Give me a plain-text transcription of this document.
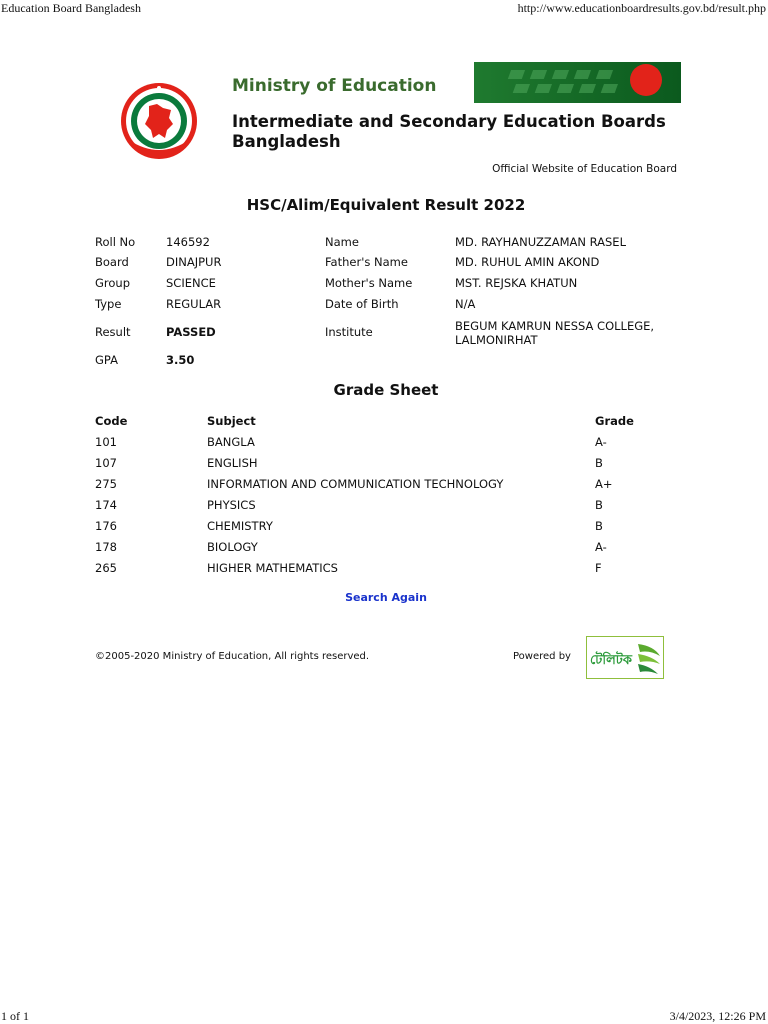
Education Board Bangladesh	http://www.educationboardresults.gov.bd/result.php
Ministry of Education
Intermediate and Secondary Education Boards Bangladesh
Official Website of Education Board
HSC/Alim/Equivalent Result 2022
Roll No	146592	Name	MD. RAYHANUZZAMAN RASEL
Board	DINAJPUR	Father's Name	MD. RUHUL AMIN AKOND
Group	SCIENCE	Mother's Name	MST. REJSKA KHATUN
Type	REGULAR	Date of Birth	N/A
Result	PASSED	Institute	BEGUM KAMRUN NESSA COLLEGE, LALMONIRHAT
GPA	3.50
Grade Sheet
Code	Subject	Grade
101	BANGLA	A-
107	ENGLISH	B
275	INFORMATION AND COMMUNICATION TECHNOLOGY	A+
174	PHYSICS	B
176	CHEMISTRY	B
178	BIOLOGY	A-
265	HIGHER MATHEMATICS	F
Search Again
©2005-2020 Ministry of Education, All rights reserved.	Powered by টেলিটক
1 of 1	3/4/2023, 12:26 PM
